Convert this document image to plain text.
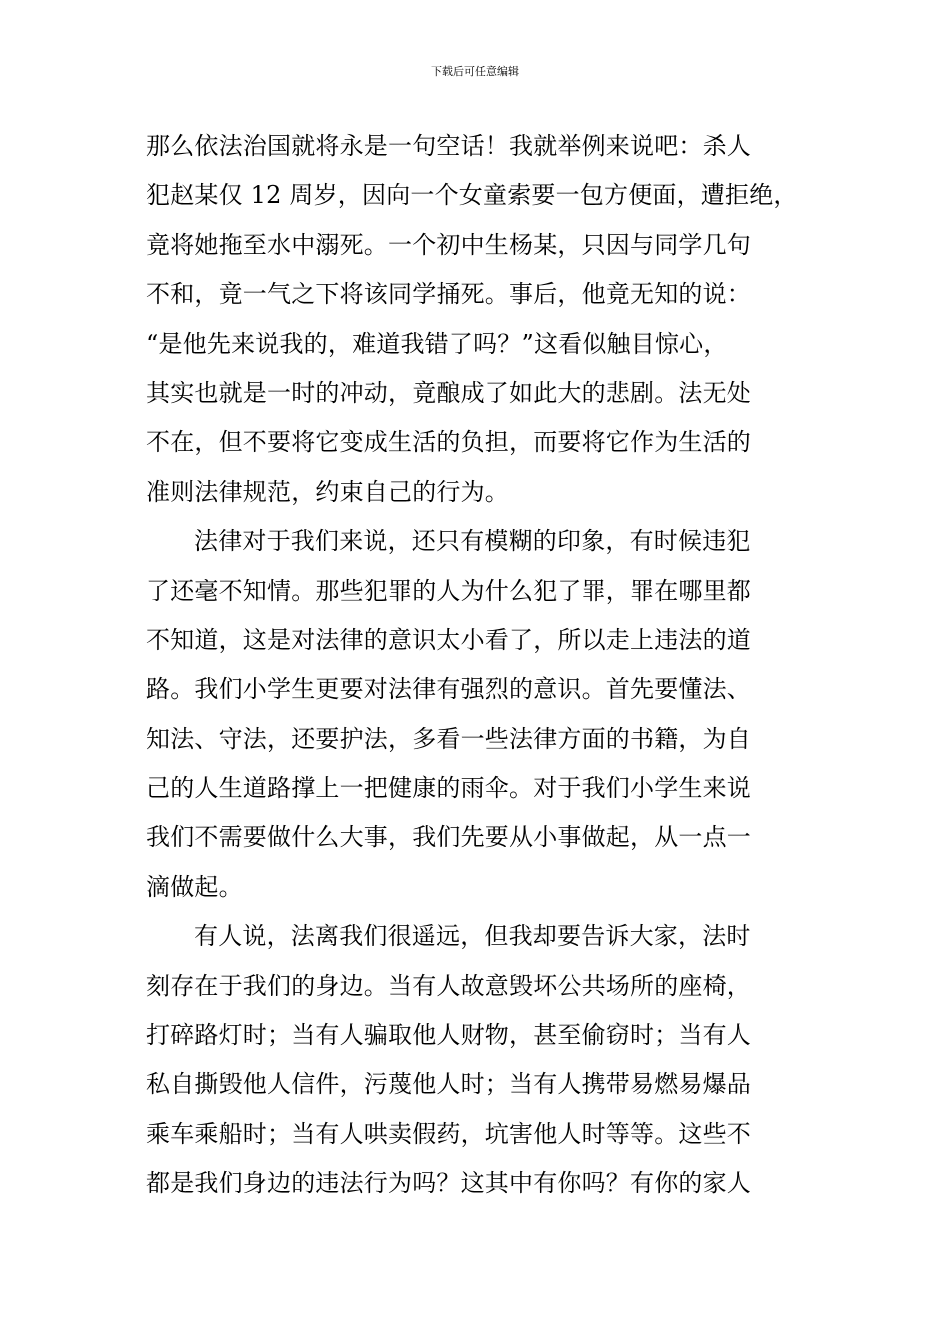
下载后可任意编辑
那么依法治国就将永是一句空话！我就举例来说吧：杀人
犯赵某仅 12 周岁，因向一个女童索要一包方便面，遭拒绝，
竟将她拖至水中溺死。一个初中生杨某，只因与同学几句
不和，竟一气之下将该同学捅死。事后，他竟无知的说：
“是他先来说我的，难道我错了吗？”这看似触目惊心，
其实也就是一时的冲动，竟酿成了如此大的悲剧。法无处
不在，但不要将它变成生活的负担，而要将它作为生活的
准则法律规范，约束自己的行为。
法律对于我们来说，还只有模糊的印象，有时候违犯
了还毫不知情。那些犯罪的人为什么犯了罪，罪在哪里都
不知道，这是对法律的意识太小看了，所以走上违法的道
路。我们小学生更要对法律有强烈的意识。首先要懂法、
知法、守法，还要护法，多看一些法律方面的书籍，为自
己的人生道路撑上一把健康的雨伞。对于我们小学生来说
我们不需要做什么大事，我们先要从小事做起，从一点一
滴做起。
有人说，法离我们很遥远，但我却要告诉大家，法时
刻存在于我们的身边。当有人故意毁坏公共场所的座椅，
打碎路灯时；当有人骗取他人财物，甚至偷窃时；当有人
私自撕毁他人信件，污蔑他人时；当有人携带易燃易爆品
乘车乘船时；当有人哄卖假药，坑害他人时等等。这些不
都是我们身边的违法行为吗？这其中有你吗？有你的家人
